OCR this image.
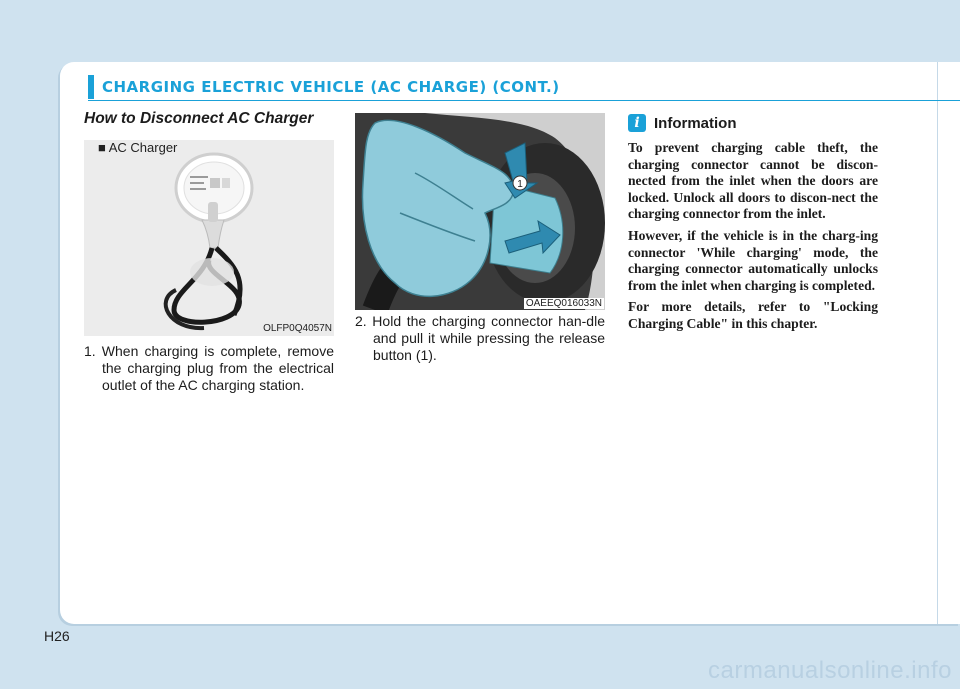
CHARGING ELECTRIC VEHICLE (AC CHARGE) (CONT.)
How to Disconnect AC Charger
■ AC Charger
OLFP0Q4057N
1
OAEEQ016033N
1. When charging is complete, remove the charging plug from the electrical outlet of the AC charging station.
2. Hold the charging connector han-dle and pull it while pressing the release button (1).
i Information

To prevent charging cable theft, the charging connector cannot be discon-nected from the inlet when the doors are locked. Unlock all doors to discon-nect the charging connector from the inlet.

However, if the vehicle is in the charg-ing connector 'While charging' mode, the charging connector automatically unlocks from the inlet when charging is completed.

For more details, refer to "Locking Charging Cable" in this chapter.

H26
carmanualsonline.info
